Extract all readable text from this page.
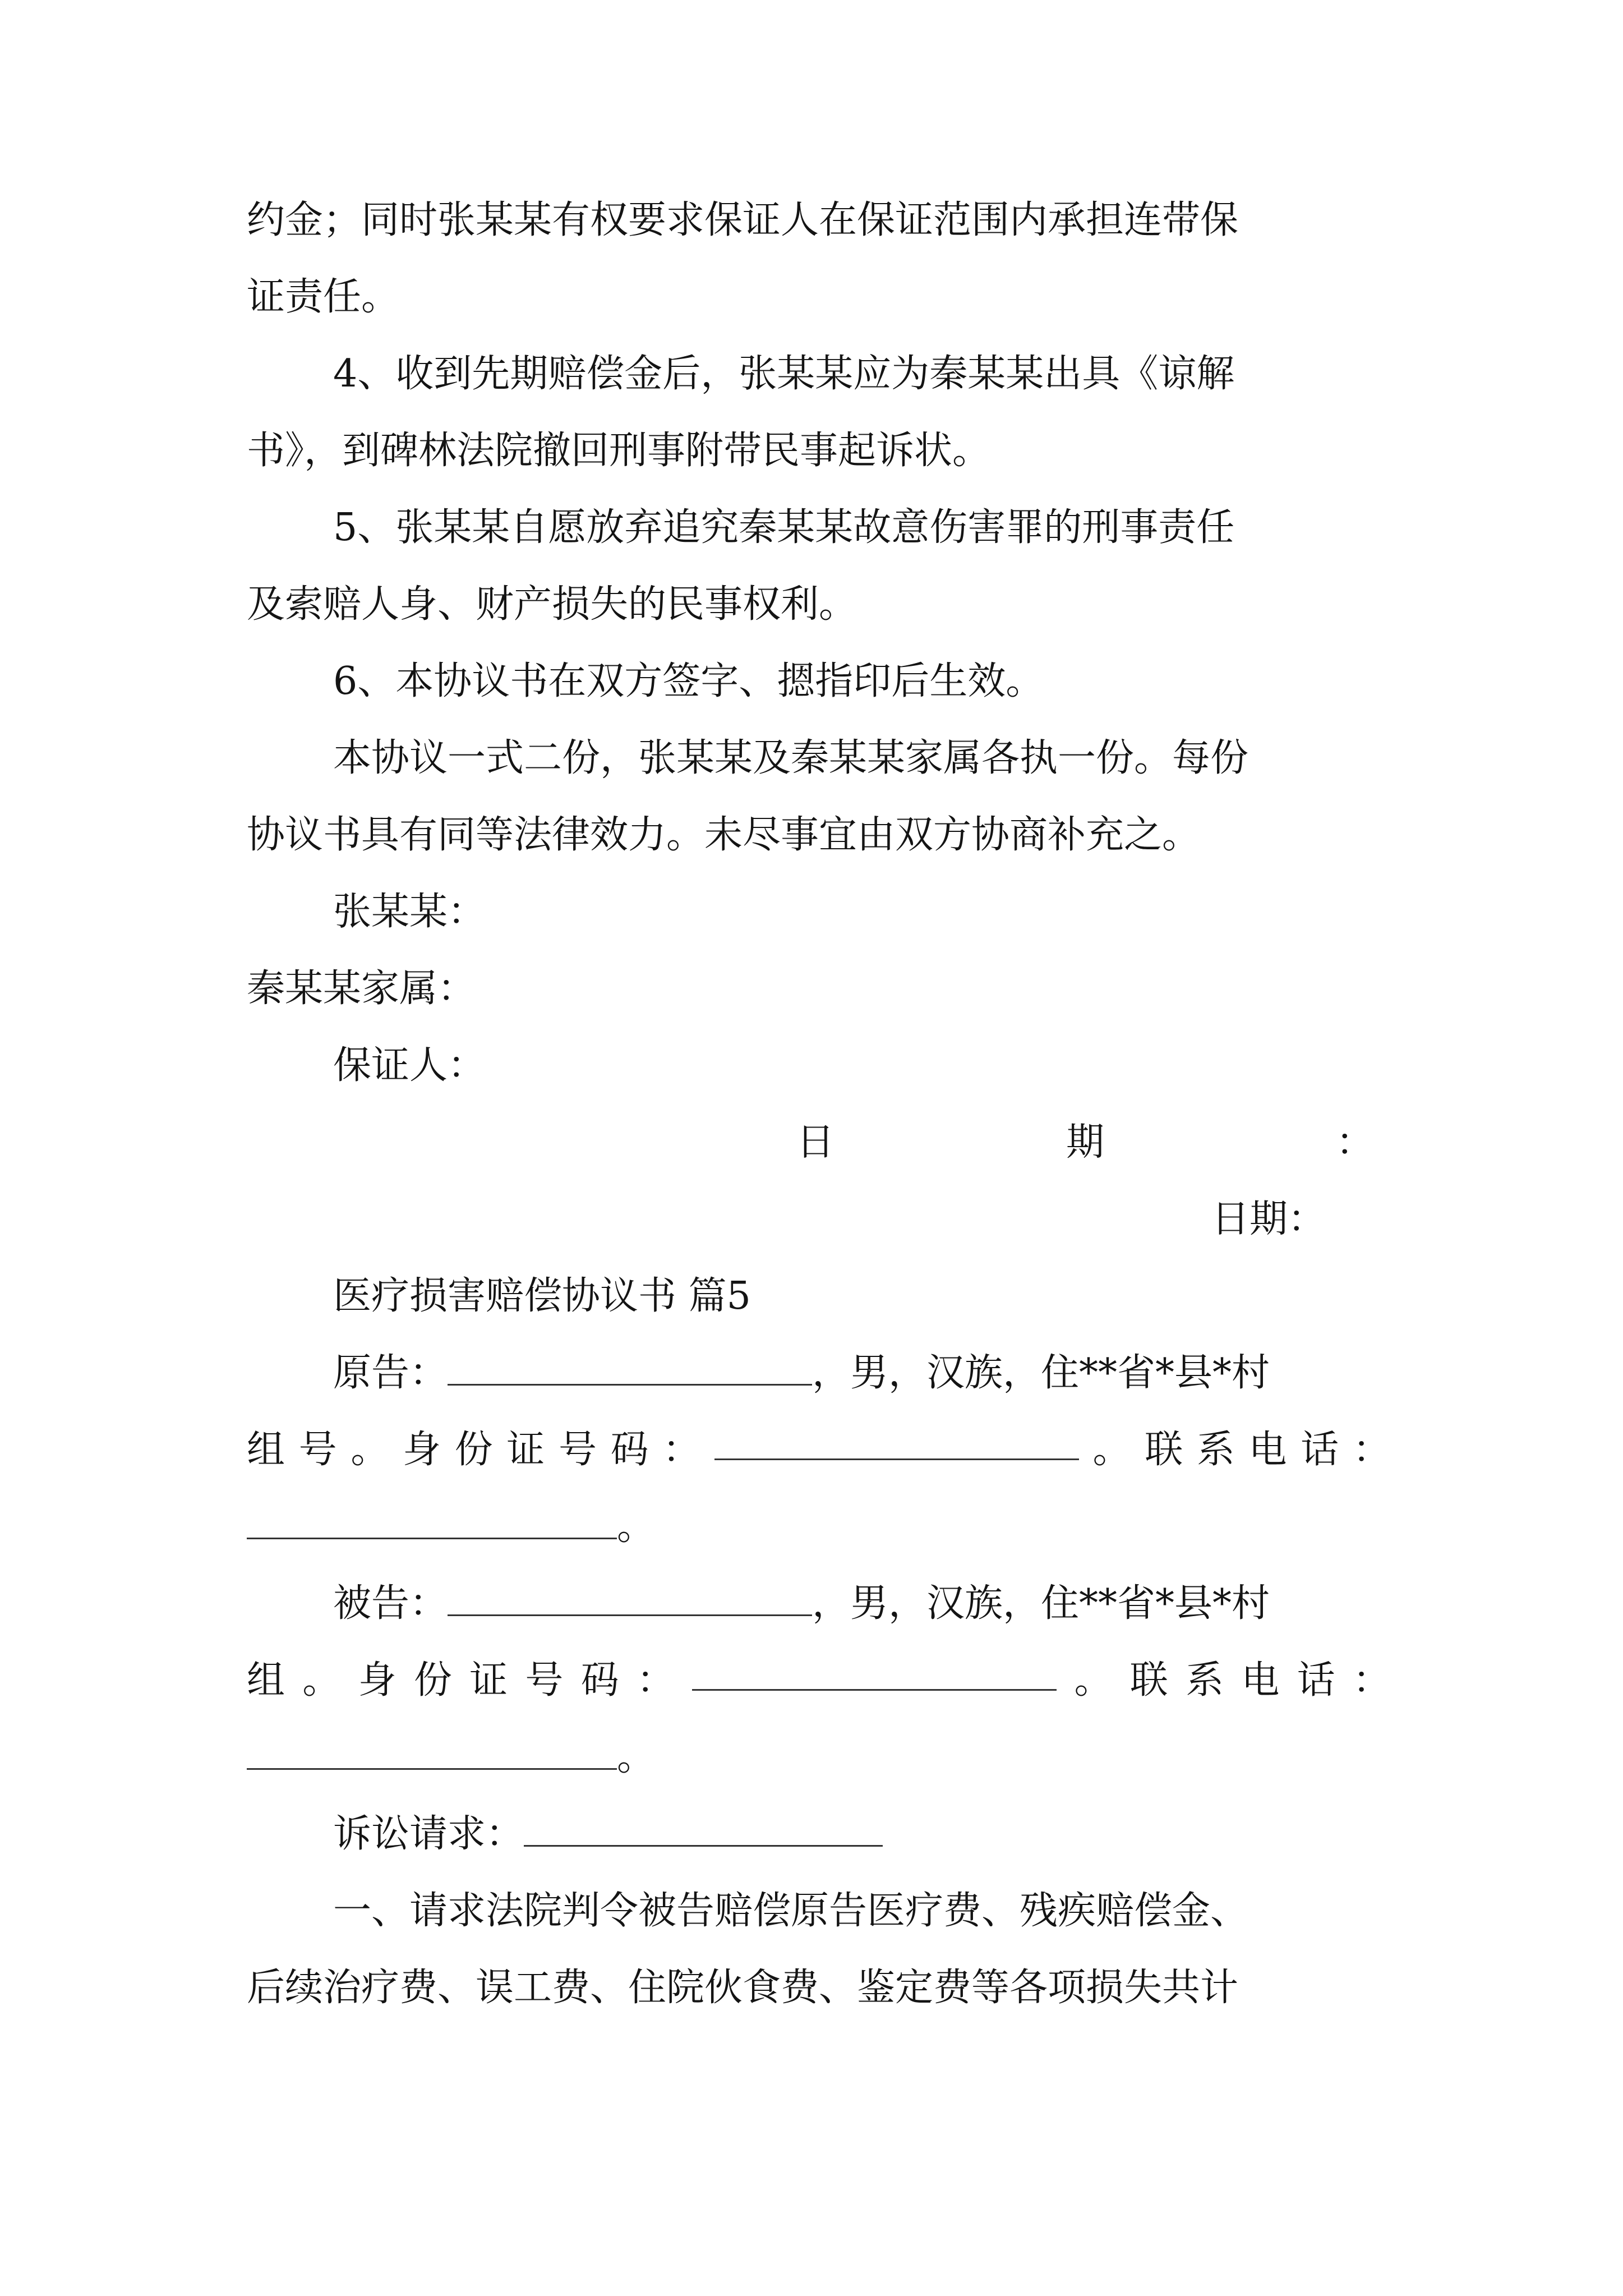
约金；同时张某某有权要求保证人在保证范围内承担连带保
证责任。
4、收到先期赔偿金后，张某某应为秦某某出具《谅解
书》，到碑林法院撤回刑事附带民事起诉状。
5、张某某自愿放弃追究秦某某故意伤害罪的刑事责任
及索赔人身、财产损失的民事权利。
6、本协议书在双方签字、摁指印后生效。
本协议一式二份，张某某及秦某某家属各执一份。每份
协议书具有同等法律效力。未尽事宜由双方协商补充之。
张某某：
秦某某家属：
保证人：
日	期	：
日期：
医疗损害赔偿协议书 篇5
原告：	，男，汉族，住**省*县*村
组 号 。 身 份 证 号 码 ：	。 联 系 电 话 ：
。
被告：	，男，汉族，住**省*县*村
组 。 身 份 证 号 码 ：	。 联 系 电 话 ：
。
诉讼请求：
一、请求法院判令被告赔偿原告医疗费、残疾赔偿金、
后续治疗费、误工费、住院伙食费、鉴定费等各项损失共计
